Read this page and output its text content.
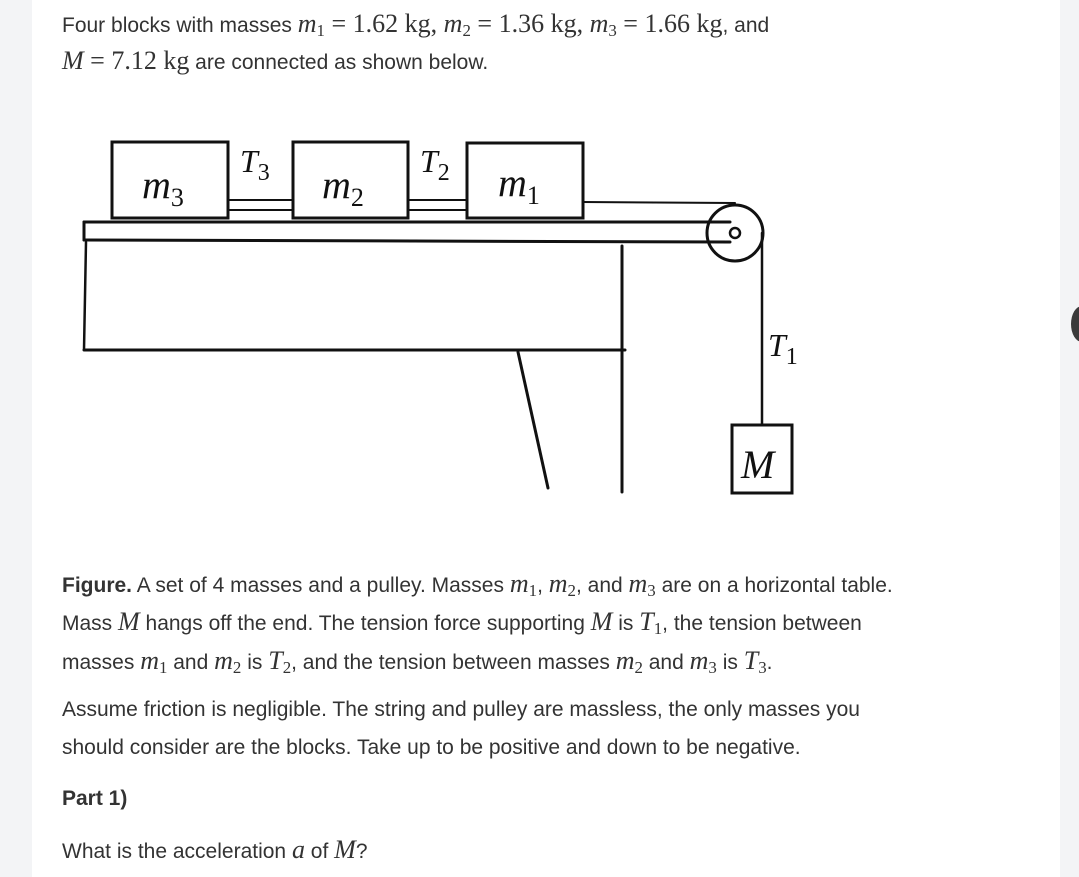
Four blocks with masses $m_1 = 1.62$ kg, $m_2 = 1.36$ kg, $m_3 = 1.66$ kg, and
M = 7.12 kg are connected as shown below.
$m_3$	$m_2$	$m_1$
$T_3$	$T_2$
$T_1$
M
Figure. A set of 4 masses and a pulley. Masses $m_1$, $m_2$, and $m_3$ are on a horizontal table.
Mass M hangs off the end. The tension force supporting M is $T_1$, the tension between
masses $m_1$ and $m_2$ is $T_2$, and the tension between masses $m_2$ and $m_3$ is $T_3$.
Assume friction is negligible. The string and pulley are massless, the only masses you
should consider are the blocks. Take up to be positive and down to be negative.
Part 1)
What is the acceleration a of M?
